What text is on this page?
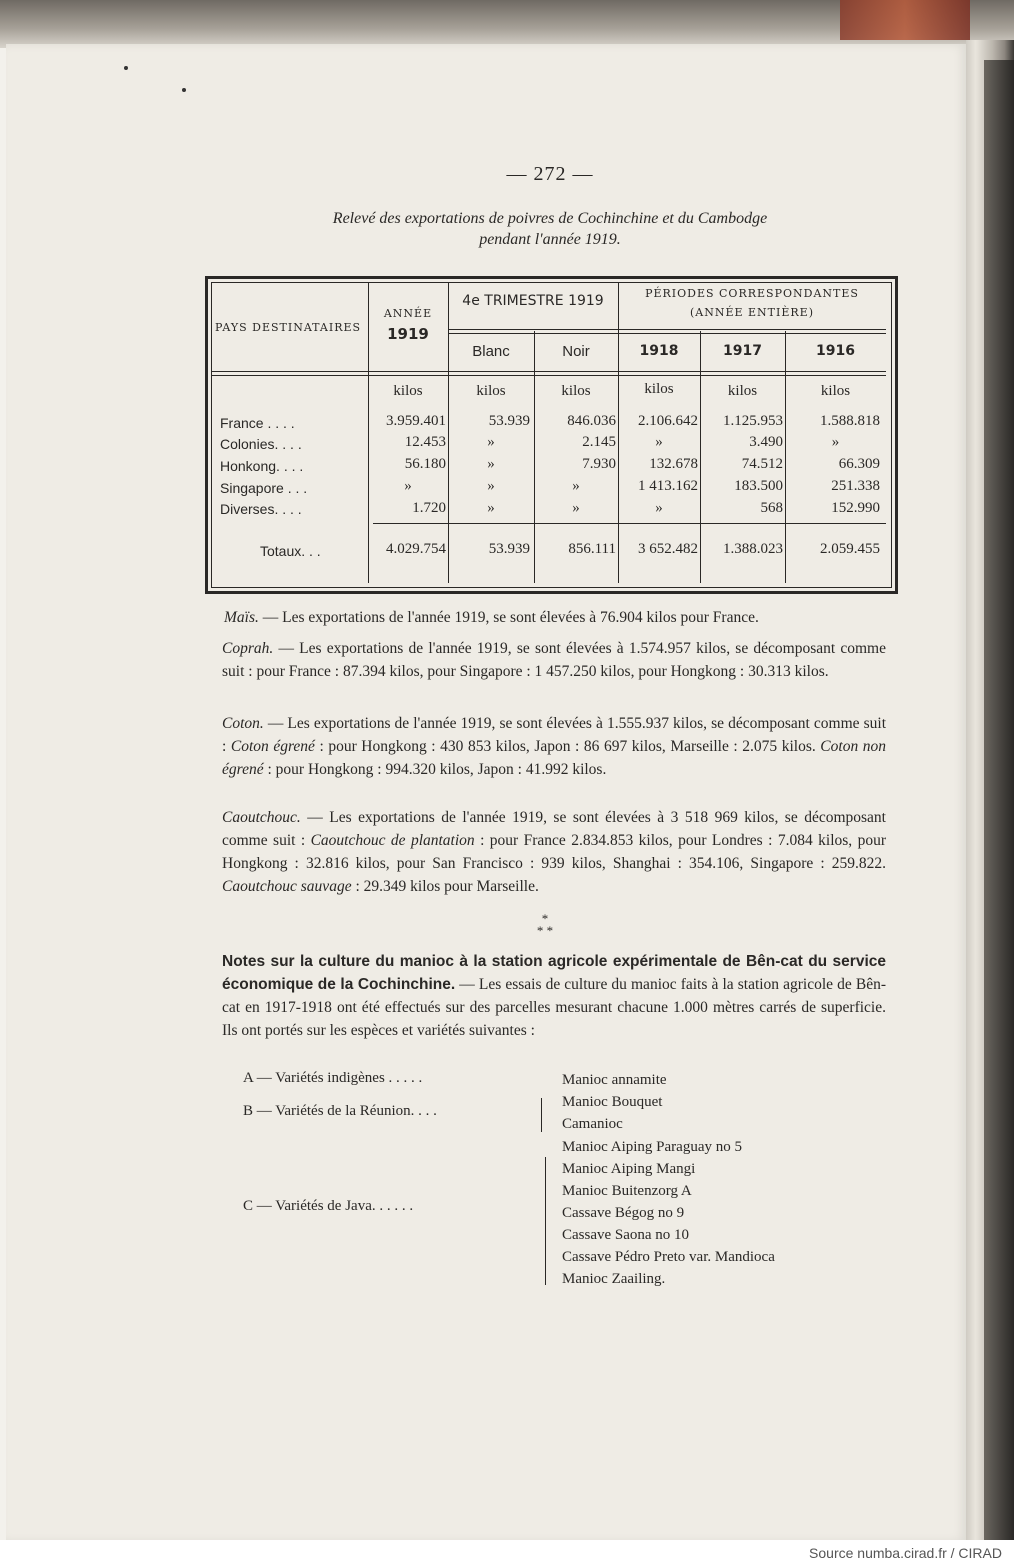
— 272 —
Relevé des exportations de poivres de Cochinchine et du Cambodge
pendant l'année 1919.
PAYS DESTINATAIRES
ANNÉE
1919
4e TRIMESTRE 1919	PÉRIODES CORRESPONDANTES
(ANNÉE ENTIÈRE)
Blanc	Noir	1918	1917	1916
kilos	kilos	kilos	kilos	kilos	kilos
France . . . .	3.959.401	53.939	846.036	2.106.642	1.125.953	1.588.818
Colonies. . . .	12.453	»	2.145	»	3.490	»
Honkong. . . .	56.180	»	7.930	132.678	74.512	66.309
Singapore . . .	»	»	»	1 413.162	183.500	251.338
Diverses. . . .	1.720	»	»	»	568	152.990
Totaux. . .	4.029.754	53.939	856.111	3 652.482	1.388.023	2.059.455
Maïs. — Les exportations de l'année 1919, se sont élevées à 76.904 kilos pour France.
Coprah. — Les exportations de l'année 1919, se sont élevées à 1.574.957 kilos, se décomposant comme suit : pour France : 87.394 kilos, pour Singapore : 1 457.250 kilos, pour Hongkong : 30.313 kilos.
Coton. — Les exportations de l'année 1919, se sont élevées à 1.555.937 kilos, se décomposant comme suit : Coton égrené : pour Hongkong : 430 853 kilos, Japon : 86 697 kilos, Marseille : 2.075 kilos. Coton non égrené : pour Hongkong : 994.320 kilos, Japon : 41.992 kilos.
Caoutchouc. — Les exportations de l'année 1919, se sont élevées à 3 518 969 kilos, se décomposant comme suit : Caoutchouc de plantation : pour France 2.834.853 kilos, pour Londres : 7.084 kilos, pour Hongkong : 32.816 kilos, pour San Francisco : 939 kilos, Shanghai : 354.106, Singapore : 259.822. Caoutchouc sauvage : 29.349 kilos pour Marseille.
*
* *
Notes sur la culture du manioc à la station agricole expérimentale de Bên-cat du service économique de la Cochinchine. — Les essais de culture du manioc faits à la station agricole de Bên-cat en 1917-1918 ont été effectués sur des parcelles mesurant chacune 1.000 mètres carrés de superficie. Ils ont portés sur les espèces et variétés suivantes :
A — Variétés indigènes . . . . .
B — Variétés de la Réunion. . . .
C — Variétés de Java. . . . . .
Manioc annamite
Manioc Bouquet
Camanioc
Manioc Aiping Paraguay no 5
Manioc Aiping Mangi
Manioc Buitenzorg A
Cassave Bégog no 9
Cassave Saona no 10
Cassave Pédro Preto var. Mandioca
Manioc Zaailing.
Source numba.cirad.fr / CIRAD
